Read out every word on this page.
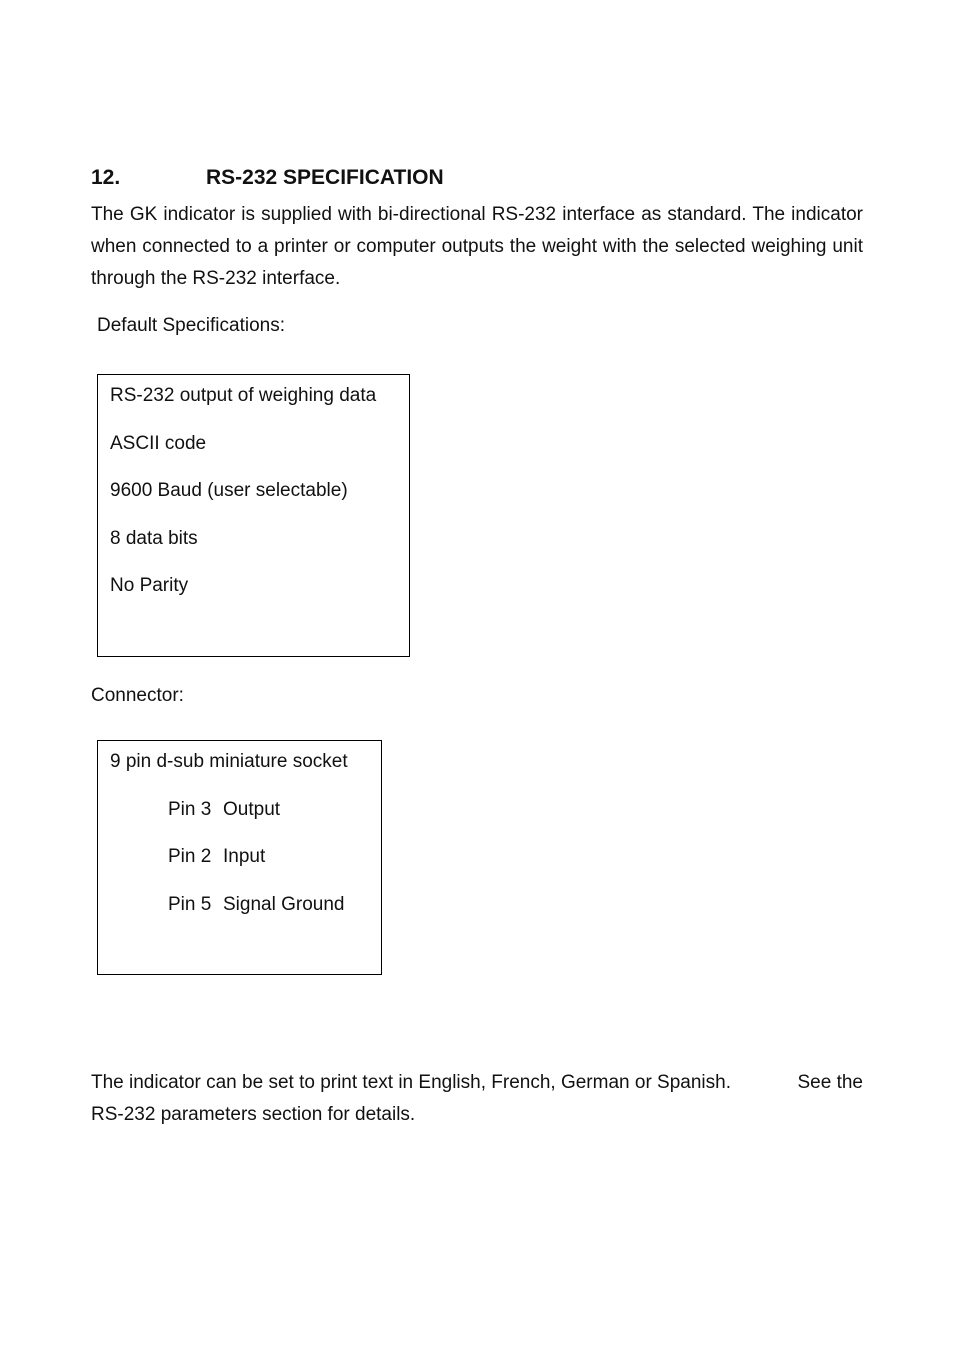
12.	RS-232 SPECIFICATION

The GK indicator is supplied with bi-directional RS-232 interface as standard. The indicator when connected to a printer or computer outputs the weight with the selected weighing unit through the RS-232 interface.

Default Specifications:
RS-232 output of weighing data
ASCII code
9600 Baud (user selectable)
8 data bits
No Parity
Connector:
9 pin d-sub miniature socket
Pin 3 Output
Pin 2 Input
Pin 5 Signal Ground
The indicator can be set to print text in English, French, German or Spanish.	See the
RS-232 parameters section for details.
